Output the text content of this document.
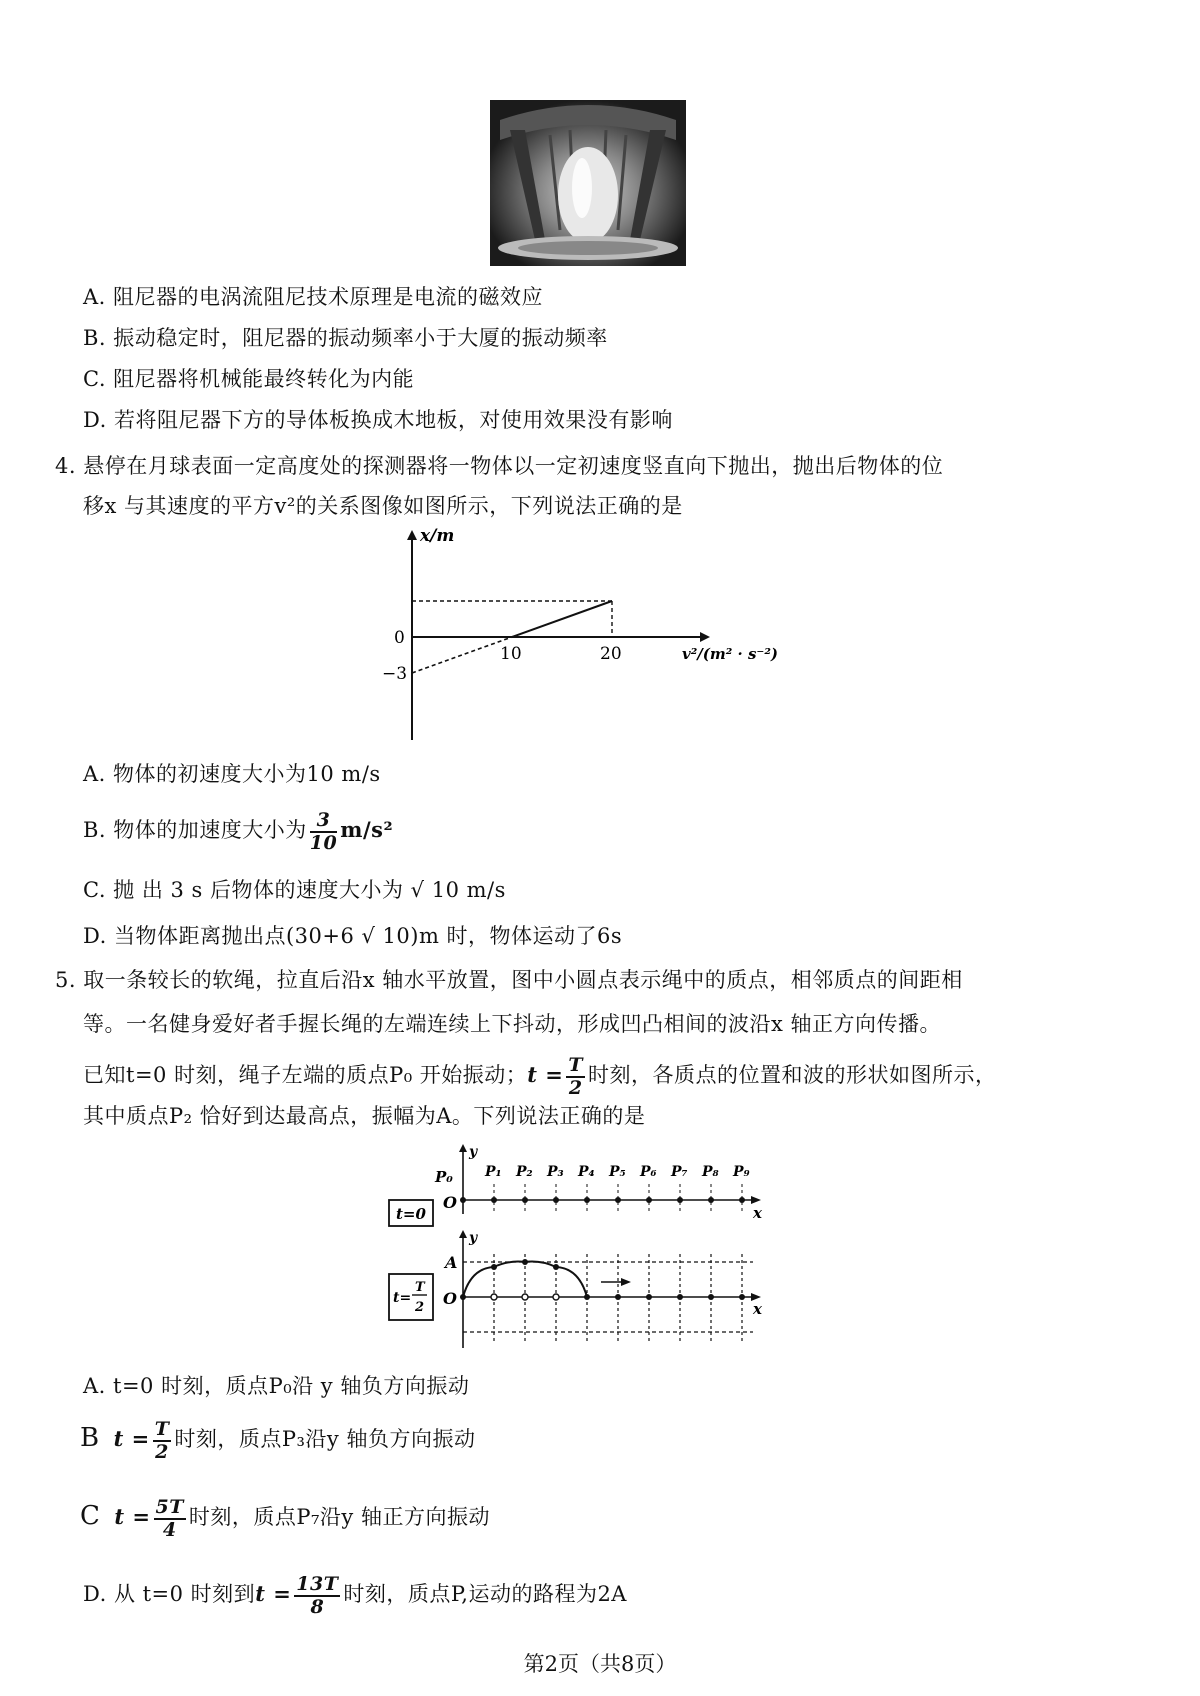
A. 阻尼器的电涡流阻尼技术原理是电流的磁效应
B. 振动稳定时，阻尼器的振动频率小于大厦的振动频率
C. 阻尼器将机械能最终转化为内能
D. 若将阻尼器下方的导体板换成木地板，对使用效果没有影响
4. 悬停在月球表面一定高度处的探测器将一物体以一定初速度竖直向下抛出，抛出后物体的位
移x 与其速度的平方v²的关系图像如图所示，下列说法正确的是
x/m
0
−3
10	20	v²/(m² · s⁻²)
A. 物体的初速度大小为10 m/s
B. 物体的加速度大小为 $\frac{3}{10} m/s^2$
C. 抛 出 3 s 后物体的速度大小为 √ 10 m/s
D. 当物体距离抛出点(30+6 √ 10)m 时，物体运动了6s
5. 取一条较长的软绳，拉直后沿x 轴水平放置，图中小圆点表示绳中的质点，相邻质点的间距相
等。一名健身爱好者手握长绳的左端连续上下抖动，形成凹凸相间的波沿x 轴正方向传播。
已知t=0 时刻，绳子左端的质点P₀ 开始振动；$t = \frac{T}{2}$ 时刻，各质点的位置和波的形状如图所示，
其中质点P₂ 恰好到达最高点，振幅为A。下列说法正确的是
t=0
y
x
O
P₀ P₁ P₂ P₃ P₄ P₅ P₆ P₇ P₈ P₉
t=
T
2
y
x
O
A
A. t=0 时刻，质点P₀沿 y 轴负方向振动
B $t = \frac{T}{2}$ 时刻，质点P₃沿y 轴负方向振动
C $t = \frac{5T}{4}$ 时刻，质点P₇沿y 轴正方向振动
D. 从 t=0 时刻到$t = \frac{13T}{8}$ 时刻，质点P,运动的路程为2A
第2页（共8页）
